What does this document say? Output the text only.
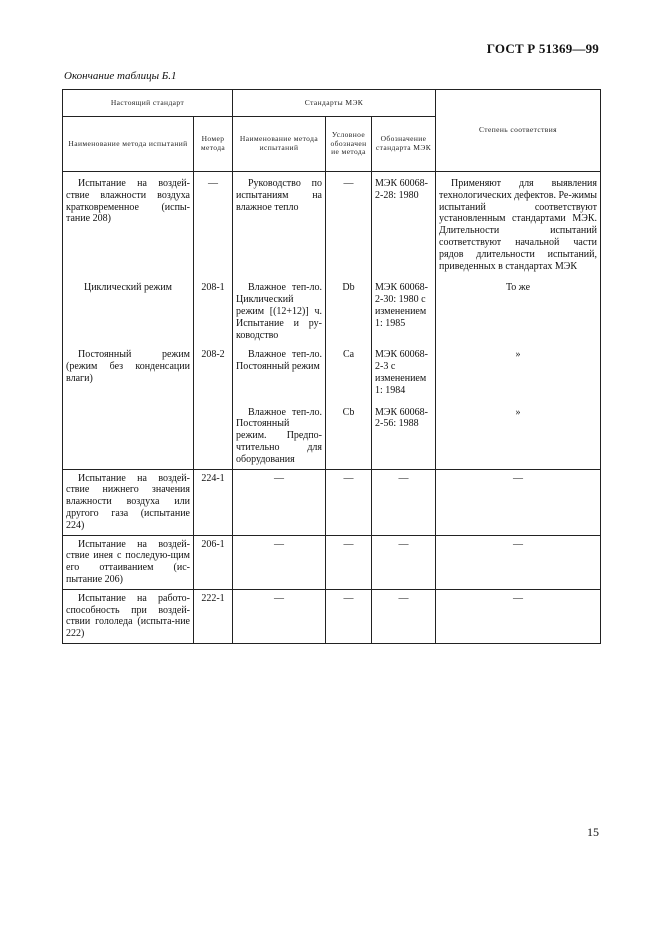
ГОСТ Р 51369—99
Окончание таблицы Б.1
Настоящий стандарт		Стандарты МЭК			Степень соответствия
Наименование метода испытаний	Номер метода	Наименование метода испытаний	Условное обозначение метода	Обозначение стандарта МЭК	
Испытание на воздей-ствие влажности воздуха кратковременное (испы-тание 208)	—	Руководство по испытаниям на влажное тепло	—	МЭК 60068-2-28: 1980	Применяют для выявления технологических дефектов. Ре-жимы испытаний соответствуют установленным стандартами МЭК. Длительности испытаний соответствуют начальной части рядов длительности испытаний, приведенных в стандартах МЭК
Циклический режим	208-1	Влажное теп-ло. Циклический режим [(12+12)] ч. Испытание и ру-ководство	Db	МЭК 60068-2-30: 1980 с изменением 1: 1985	То же
Постоянный режим (режим без конденсации влаги)	208-2	Влажное теп-ло. Постоянный режим	Ca	МЭК 60068-2-3 с изменением 1: 1984	»
		Влажное теп-ло. Постоянный режим. Предпо-чтительно для оборудования	Cb	МЭК 60068-2-56: 1988	»
Испытание на воздей-ствие нижнего значения влажности воздуха или другого газа (испытание 224)	224-1	—	—	—	—
Испытание на воздей-ствие инея с последую-щим его оттаиванием (ис-пытание 206)	206-1	—	—	—	—
Испытание на работо-способность при воздей-ствии гололеда (испыта-ние 222)	222-1	—	—	—	—
15
